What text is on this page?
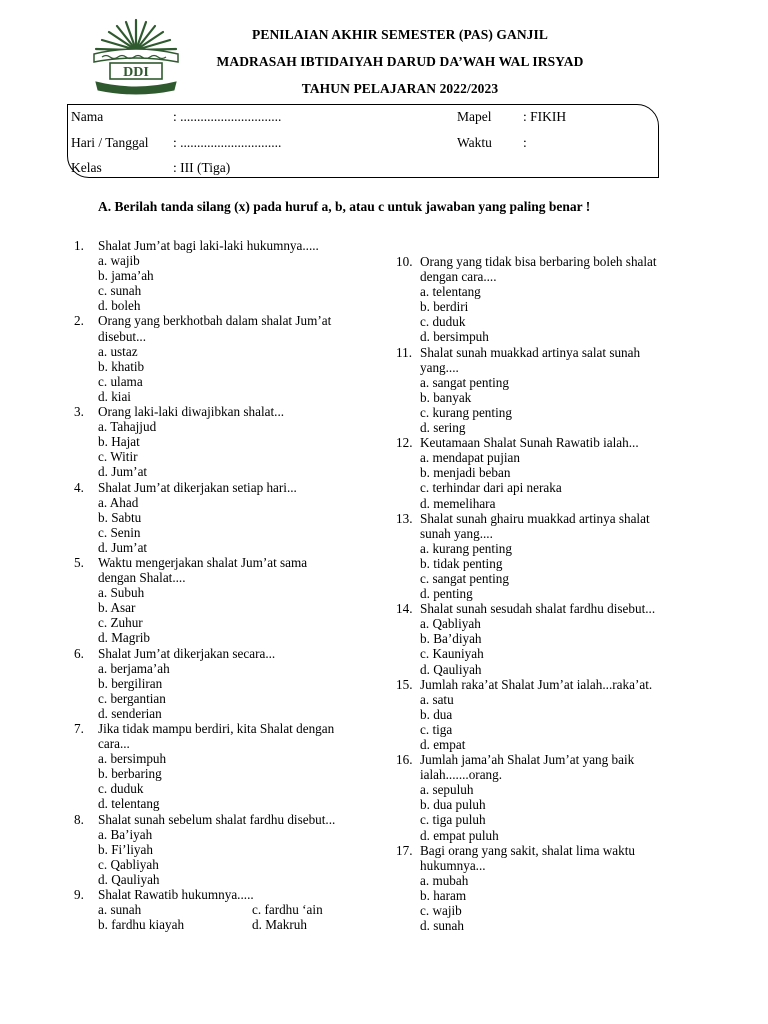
DDI
PENILAIAN AKHIR SEMESTER (PAS) GANJIL
MADRASAH IBTIDAIYAH DARUD DA’WAH WAL IRSYAD
TAHUN PELAJARAN 2022/2023
Nama	: ..............................	Mapel : FIKIH
Hari / Tanggal : ..............................	Waktu :
Kelas	: III (Tiga)
A. Berilah tanda silang (x) pada huruf a, b, atau c untuk jawaban yang paling benar !
1.	Shalat Jum’at bagi laki-laki hukumnya.....
a. wajib
b. jama’ah
c. sunah
d. boleh
2.	Orang yang berkhotbah dalam shalat Jum’at
disebut...
a. ustaz
b. khatib
c. ulama
d. kiai
3.	Orang laki-laki diwajibkan shalat...
a. Tahajjud
b. Hajat
c. Witir
d. Jum’at
4.	Shalat Jum’at dikerjakan setiap hari...
a. Ahad
b. Sabtu
c. Senin
d. Jum’at
5.	Waktu mengerjakan shalat Jum’at sama
dengan Shalat....
a. Subuh
b. Asar
c. Zuhur
d. Magrib
6.	Shalat Jum’at dikerjakan secara...
a. berjama’ah
b. bergiliran
c. bergantian
d. senderian
7.	Jika tidak mampu berdiri, kita Shalat dengan
cara...
a. bersimpuh
b. berbaring
c. duduk
d. telentang
8.	Shalat sunah sebelum shalat fardhu disebut...
a. Ba’iyah
b. Fi’liyah
c. Qabliyah
d. Qauliyah
9.	Shalat Rawatib hukumnya.....
a. sunah	c. fardhu ‘ain
b. fardhu kiayah	d. Makruh
10. Orang yang tidak bisa berbaring boleh shalat
dengan cara....
a. telentang
b. berdiri
c. duduk
d. bersimpuh
11. Shalat sunah muakkad artinya salat sunah
yang....
a. sangat penting
b. banyak
c. kurang penting
d. sering
12. Keutamaan Shalat Sunah Rawatib ialah...
a. mendapat pujian
b. menjadi beban
c. terhindar dari api neraka
d. memelihara
13. Shalat sunah ghairu muakkad artinya shalat
sunah yang....
a. kurang penting
b. tidak penting
c. sangat penting
d. penting
14. Shalat sunah sesudah shalat fardhu disebut...
a. Qabliyah
b. Ba’diyah
c. Kauniyah
d. Qauliyah
15. Jumlah raka’at Shalat Jum’at ialah...raka’at.
a. satu
b. dua
c. tiga
d. empat
16. Jumlah jama’ah Shalat Jum’at yang baik
ialah.......orang.
a. sepuluh
b. dua puluh
c. tiga puluh
d. empat puluh
17. Bagi orang yang sakit, shalat lima waktu
hukumnya...
a. mubah
b. haram
c. wajib
d. sunah
